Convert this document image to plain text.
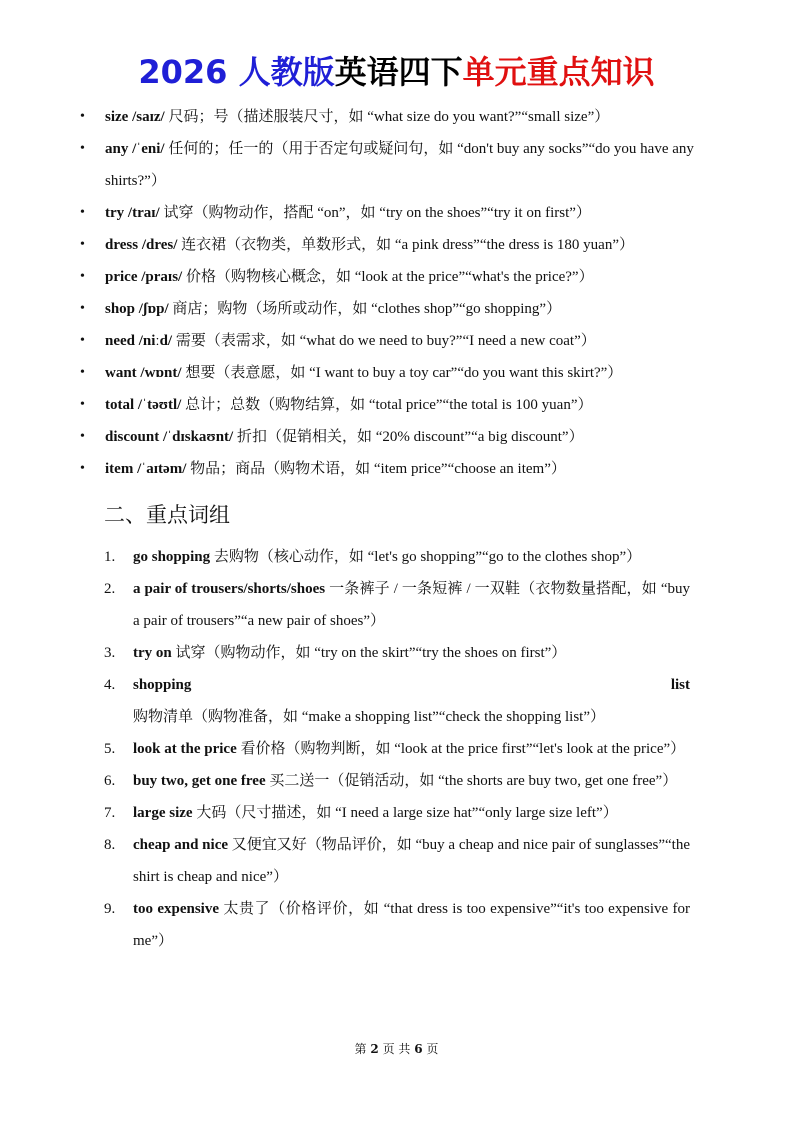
2026 人教版英语四下单元重点知识
• size /saɪz/ 尺码；号（描述服装尺寸，如 “what size do you want?”“small size”）
• any /ˈeni/ 任何的；任一的（用于否定句或疑问句，如 “don't buy any socks”“do you have any shirts?”）
• try /traɪ/ 试穿（购物动作，搭配 “on”，如 “try on the shoes”“try it on first”）
• dress /dres/ 连衣裙（衣物类，单数形式，如 “a pink dress”“the dress is 180 yuan”）
• price /praɪs/ 价格（购物核心概念，如 “look at the price”“what's the price?”）
• shop /ʃɒp/ 商店；购物（场所或动作，如 “clothes shop”“go shopping”）
• need /niːd/ 需要（表需求，如 “what do we need to buy?”“I need a new coat”）
• want /wɒnt/ 想要（表意愿，如 “I want to buy a toy car”“do you want this skirt?”）
• total /ˈtəʊtl/ 总计；总数（购物结算，如 “total price”“the total is 100 yuan”）
• discount /ˈdɪskaʊnt/ 折扣（促销相关，如 “20% discount”“a big discount”）
• item /ˈaɪtəm/ 物品；商品（购物术语，如 “item price”“choose an item”）
二、重点词组
1. go shopping 去购物（核心动作，如 “let's go shopping”“go to the clothes shop”）
2. a pair of trousers/shorts/shoes 一条裤子 / 一条短裤 / 一双鞋（衣物数量搭配，如 “buy a pair of trousers”“a new pair of shoes”）
3. try on 试穿（购物动作，如 “try on the skirt”“try the shoes on first”）
4. shopping list 购物清单（购物准备，如 “make a shopping list”“check the shopping list”）
5. look at the price 看价格（购物判断，如 “look at the price first”“let's look at the price”）
6. buy two, get one free 买二送一（促销活动，如 “the shorts are buy two, get one free”）
7. large size 大码（尺寸描述，如 “I need a large size hat”“only large size left”）
8. cheap and nice 又便宜又好（物品评价，如 “buy a cheap and nice pair of sunglasses”“the shirt is cheap and nice”）
9. too expensive 太贵了（价格评价，如 “that dress is too expensive”“it's too expensive for me”）
第 2 页 共 6 页
